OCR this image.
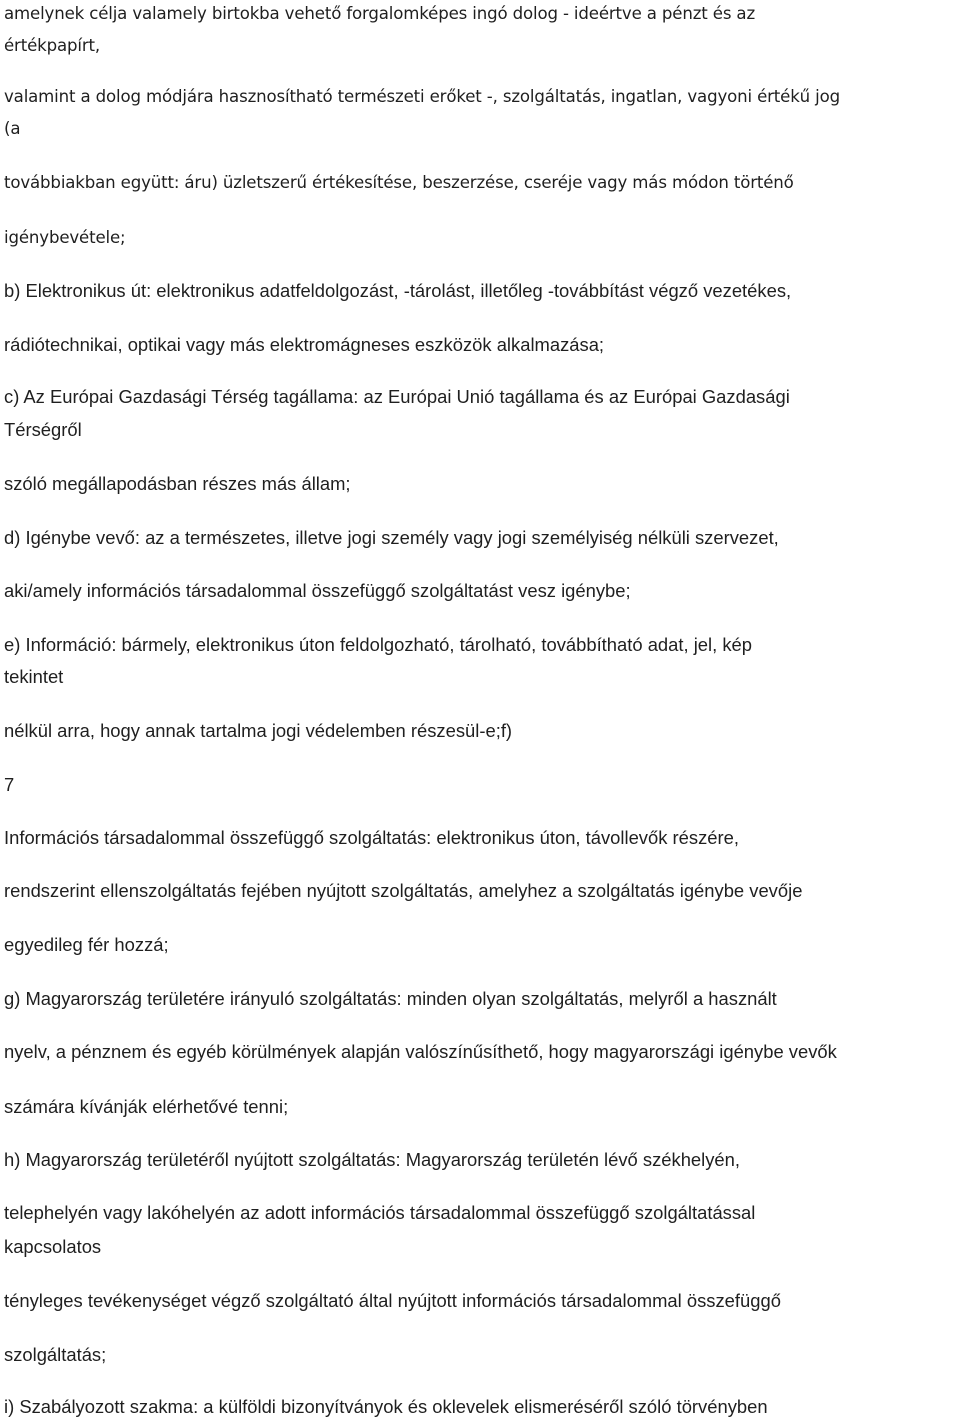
amelynek célja valamely birtokba vehető forgalomképes ingó dolog - ideértve a pénzt és az
értékpapírt,
valamint a dolog módjára hasznosítható természeti erőket -, szolgáltatás, ingatlan, vagyoni értékű jog
(a
továbbiakban együtt: áru) üzletszerű értékesítése, beszerzése, cseréje vagy más módon történő
igénybevétele;
b) Elektronikus út: elektronikus adatfeldolgozást, -tárolást, illetőleg -továbbítást végző vezetékes,
rádiótechnikai, optikai vagy más elektromágneses eszközök alkalmazása;
c) Az Európai Gazdasági Térség tagállama: az Európai Unió tagállama és az Európai Gazdasági
Térségről
szóló megállapodásban részes más állam;
d) Igénybe vevő: az a természetes, illetve jogi személy vagy jogi személyiség nélküli szervezet,
aki/amely információs társadalommal összefüggő szolgáltatást vesz igénybe;
e) Információ: bármely, elektronikus úton feldolgozható, tárolható, továbbítható adat, jel, kép
tekintet
nélkül arra, hogy annak tartalma jogi védelemben részesül-e;f)
7
Információs társadalommal összefüggő szolgáltatás: elektronikus úton, távollevők részére,
rendszerint ellenszolgáltatás fejében nyújtott szolgáltatás, amelyhez a szolgáltatás igénybe vevője
egyedileg fér hozzá;
g) Magyarország területére irányuló szolgáltatás: minden olyan szolgáltatás, melyről a használt
nyelv, a pénznem és egyéb körülmények alapján valószínűsíthető, hogy magyarországi igénybe vevők
számára kívánják elérhetővé tenni;
h) Magyarország területéről nyújtott szolgáltatás: Magyarország területén lévő székhelyén,
telephelyén vagy lakóhelyén az adott információs társadalommal összefüggő szolgáltatással
kapcsolatos
tényleges tevékenységet végző szolgáltató által nyújtott információs társadalommal összefüggő
szolgáltatás;
i) Szabályozott szakma: a külföldi bizonyítványok és oklevelek elismeréséről szóló törvényben
